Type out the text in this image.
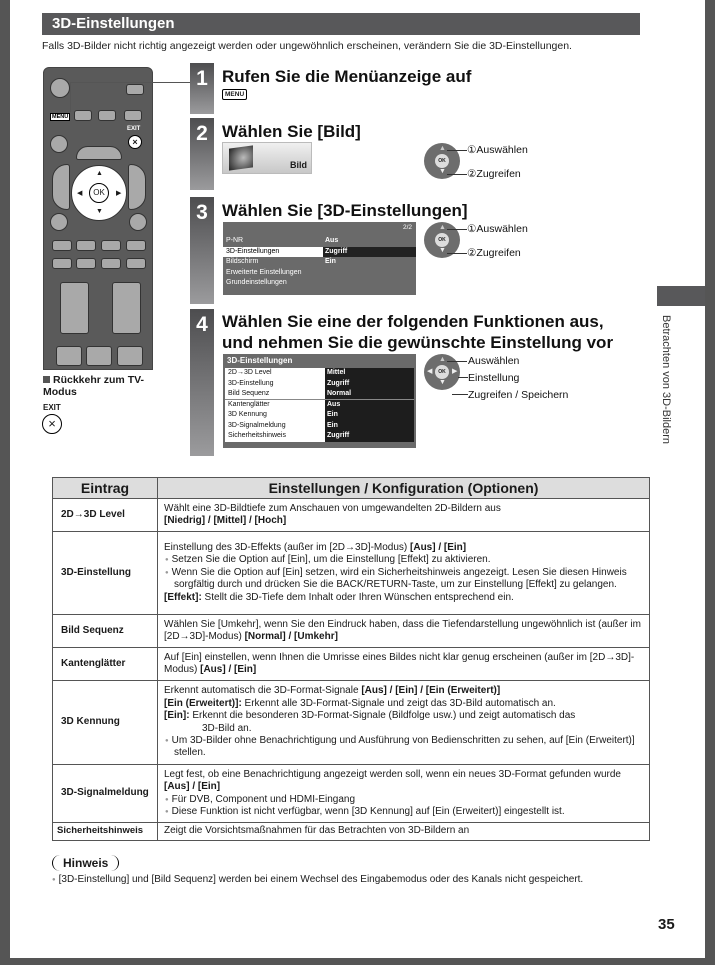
3D-Einstellungen
Falls 3D-Bilder nicht richtig angezeigt werden oder ungewöhnlich erscheinen, verändern Sie die 3D-Einstellungen.
MENU
EXIT
×
▲
▼
◀	▶
OK
Rückkehr zum TV-Modus
EXIT
×
1 Rufen Sie die Menüanzeige auf
MENU
2 Wählen Sie [Bild]
Bild
▲
▼
OK
①Auswählen
②Zugreifen
3 Wählen Sie [3D-Einstellungen]
2/2
P-NR	Aus
3D-Einstellungen	Zugriff
Bildschirm	Ein
Erweiterte Einstellungen
Grundeinstellungen
▲
▼
OK
①Auswählen
②Zugreifen
4 Wählen Sie eine der folgenden Funktionen aus,
und nehmen Sie die gewünschte Einstellung vor
3D-Einstellungen
2D→3D Level	Mittel
3D-Einstellung	Zugriff
Bild Sequenz	Normal
Kantenglätter	Aus
3D Kennung	Ein
3D-Signalmeldung	Ein
Sicherheitshinweis	Zugriff
▲
▼
◀	▶
OK
Auswählen
Einstellung
Zugreifen / Speichern	Betrachten von 3D-Bildern
Eintrag	Einstellungen / Konfiguration (Optionen)
2D→3D Level	Wählt eine 3D-Bildtiefe zum Anschauen von umgewandelten 2D-Bildern aus
[Niedrig] / [Mittel] / [Hoch]

3D-Einstellung	Einstellung des 3D-Effekts (außer im [2D→3D]-Modus) [Aus] / [Ein]
● Setzen Sie die Option auf [Ein], um die Einstellung [Effekt] zu aktivieren.
● Wenn Sie die Option auf [Ein] setzen, wird ein Sicherheitshinweis angezeigt. Lesen Sie diesen Hinweis sorgfältig durch und drücken Sie die BACK/RETURN-Taste, um zur Einstellung [Effekt] zu gelangen.
[Effekt]: Stellt die 3D-Tiefe dem Inhalt oder Ihren Wünschen entsprechend ein.

Bild Sequenz	Wählen Sie [Umkehr], wenn Sie den Eindruck haben, dass die Tiefendarstellung ungewöhnlich ist (außer im [2D→3D]-Modus) [Normal] / [Umkehr]
Kantenglätter	Auf [Ein] einstellen, wenn Ihnen die Umrisse eines Bildes nicht klar genug erscheinen (außer im [2D→3D]-Modus) [Aus] / [Ein]
3D Kennung	Erkennt automatisch die 3D-Format-Signale [Aus] / [Ein] / [Ein (Erweitert)]
[Ein (Erweitert)]: Erkennt alle 3D-Format-Signale und zeigt das 3D-Bild automatisch an.
[Ein]: Erkennt die besonderen 3D-Format-Signale (Bildfolge usw.) und zeigt automatisch das
3D-Bild an.
● Um 3D-Bilder ohne Benachrichtigung und Ausführung von Bedienschritten zu sehen, auf [Ein (Erweitert)] stellen.

3D-Signalmeldung	Legt fest, ob eine Benachrichtigung angezeigt werden soll, wenn ein neues 3D-Format gefunden wurde [Aus] / [Ein]
● Für DVB, Component und HDMI-Eingang
● Diese Funktion ist nicht verfügbar, wenn [3D Kennung] auf [Ein (Erweitert)] eingestellt ist.

Sicherheitshinweis	Zeigt die Vorsichtsmaßnahmen für das Betrachten von 3D-Bildern an
Hinweis
● [3D-Einstellung] und [Bild Sequenz] werden bei einem Wechsel des Eingabemodus oder des Kanals nicht gespeichert.
35
